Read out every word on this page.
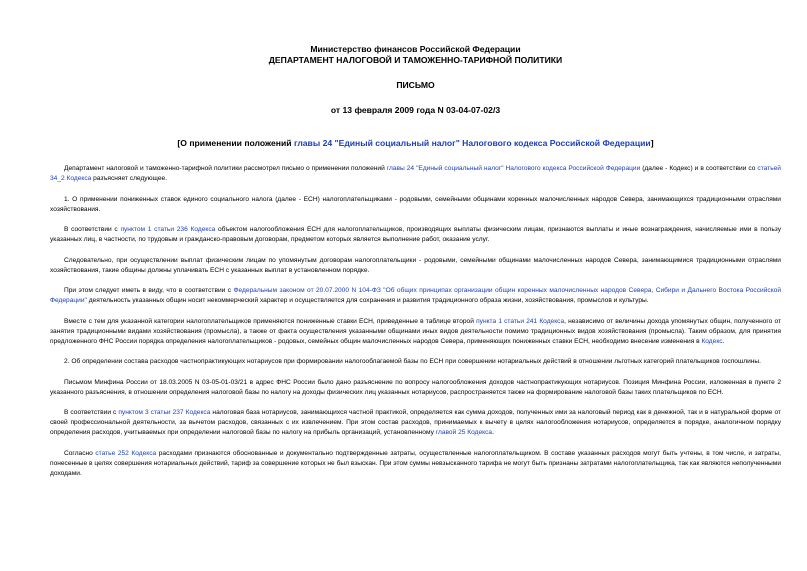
Министерство финансов Российской Федерации
ДЕПАРТАМЕНТ НАЛОГОВОЙ И ТАМОЖЕННО-ТАРИФНОЙ ПОЛИТИКИ
ПИСЬМО
от 13 февраля 2009 года N 03-04-07-02/3
[О применении положений главы 24 "Единый социальный налог" Налогового кодекса Российской Федерации]

Департамент налоговой и таможенно-тарифной политики рассмотрел письмо о применении положений главы 24 "Единый социальный налог" Налогового кодекса Российской Федерации (далее - Кодекс) и в соответствии со статьей 34_2 Кодекса разъясняет следующее.

1. О применении пониженных ставок единого социального налога (далее - ЕСН) налогоплательщиками - родовыми, семейными общинами коренных малочисленных народов Севера, занимающихся традиционными отраслями хозяйствования.

В соответствии с пунктом 1 статьи 236 Кодекса объектом налогообложения ЕСН для налогоплательщиков, производящих выплаты физическим лицам, признаются выплаты и иные вознаграждения, начисляемые ими в пользу указанных лиц, в частности, по трудовым и гражданско-правовым договорам, предметом которых является выполнение работ, оказание услуг.

Следовательно, при осуществлении выплат физическим лицам по упомянутым договорам налогоплательщики - родовыми, семейными общинами малочисленных народов Севера, занимающимися традиционными отраслями хозяйствования, такие общины должны уплачивать ЕСН с указанных выплат в установленном порядке.

При этом следует иметь в виду, что в соответствии с Федеральным законом от 20.07.2000 N 104-ФЗ "Об общих принципах организации общин коренных малочисленных народов Севера, Сибири и Дальнего Востока Российской Федерации" деятельность указанных общин носит некоммерческий характер и осуществляется для сохранения и развития традиционного образа жизни, хозяйствования, промыслов и культуры.

Вместе с тем для указанной категории налогоплательщиков применяются пониженные ставки ЕСН, приведенные в таблице второй пункта 1 статьи 241 Кодекса, независимо от величины дохода упомянутых общин, полученного от занятия традиционными видами хозяйствования (промысла), а также от факта осуществления указанными общинами иных видов деятельности помимо традиционных видов хозяйствования (промысла). Таким образом, для принятия предложенного ФНС России порядка определения налогоплательщиков - родовых, семейных общин малочисленных народов Севера, применяющих пониженных ставки ЕСН, необходимо внесение изменения в Кодекс.

2. Об определении состава расходов частнопрактикующих нотариусов при формировании налогооблагаемой базы по ЕСН при совершении нотариальных действий в отношении льготных категорий плательщиков госпошлины.

Письмом Минфина России от 18.03.2005 N 03-05-01-03/21 в адрес ФНС России было дано разъяснение по вопросу налогообложения доходов частнопрактикующих нотариусов. Позиция Минфина России, изложенная в пункте 2 указанного разъяснения, в отношении определения налоговой базы по налогу на доходы физических лиц указанных нотариусов, распространяется также на формирование налоговой базы таких плательщиков по ЕСН.

В соответствии с пунктом 3 статьи 237 Кодекса налоговая база нотариусов, занимающихся частной практикой, определяется как сумма доходов, полученных ими за налоговый период как в денежной, так и в натуральной форме от своей профессиональной деятельности, за вычетом расходов, связанных с их извлечением. При этом состав расходов, принимаемых к вычету в целях налогообложения нотариусов, определяется в порядке, аналогичном порядку определения расходов, учитываемых при определении налоговой базы по налогу на прибыль организаций, установленному главой 25 Кодекса.

Согласно статье 252 Кодекса расходами признаются обоснованные и документально подтвержденные затраты, осуществленные налогоплательщиком. В составе указанных расходов могут быть учтены, в том числе, и затраты, понесенные в целях совершения нотариальных действий, тариф за совершение которых не был взыскан. При этом суммы невзысканного тарифа не могут быть признаны затратами налогоплательщика, так как являются неполученными доходами.
